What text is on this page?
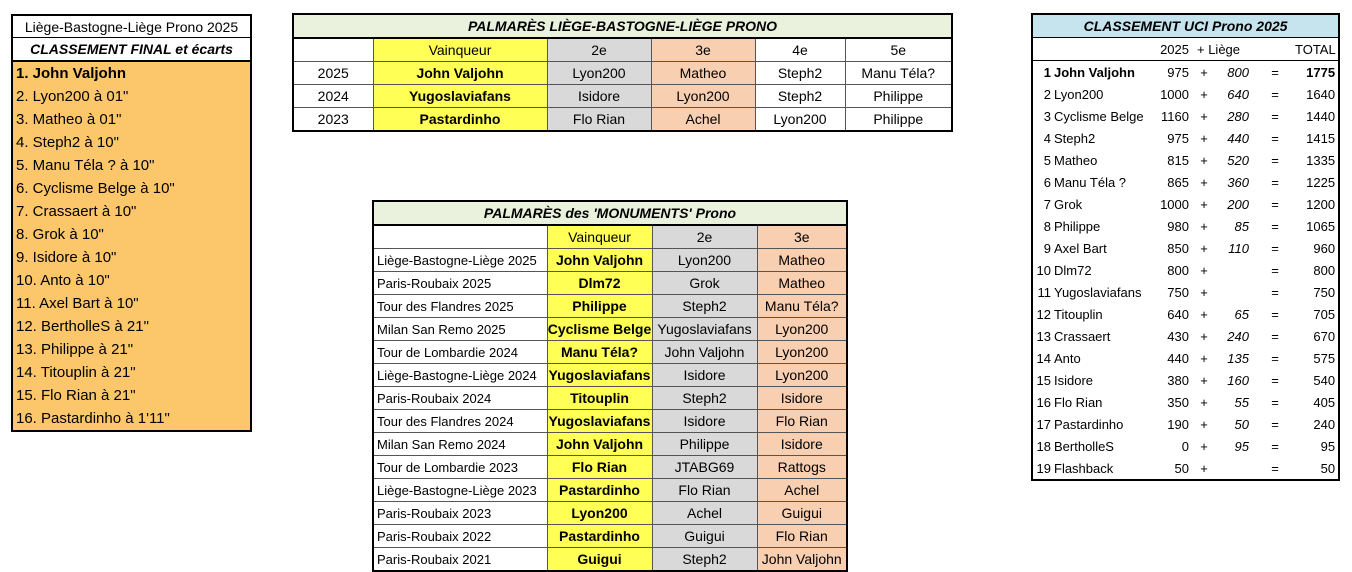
Liège-Bastogne-Liège Prono 2025
CLASSEMENT FINAL et écarts
1. John Valjohn
2. Lyon200 à 01"
3. Matheo à 01"
4. Steph2 à 10"
5. Manu Téla ? à 10"
6. Cyclisme Belge à 10"
7. Crassaert à 10"
8. Grok à 10"
9. Isidore à 10"
10. Anto à 10"
11. Axel Bart à 10"
12. BertholleS à 21"
13. Philippe à 21"
14. Titouplin à 21"
15. Flo Rian à 21"
16. Pastardinho à 1'11"
PALMARÈS LIÈGE-BASTOGNE-LIÈGE PRONO					
	Vainqueur	2e	3e	4e	5e
2025	John Valjohn	Lyon200	Matheo	Steph2	Manu Téla?
2024	Yugoslaviafans	Isidore	Lyon200	Steph2	Philippe
2023	Pastardinho	Flo Rian	Achel	Lyon200	Philippe
PALMARÈS des 'MONUMENTS' Prono			
	Vainqueur	2e	3e
Liège-Bastogne-Liège 2025	John Valjohn	Lyon200	Matheo
Paris-Roubaix 2025	Dlm72	Grok	Matheo
Tour des Flandres 2025	Philippe	Steph2	Manu Téla?
Milan San Remo 2025	Cyclisme Belge	Yugoslaviafans	Lyon200
Tour de Lombardie 2024	Manu Téla?	John Valjohn	Lyon200
Liège-Bastogne-Liège 2024	Yugoslaviafans	Isidore	Lyon200
Paris-Roubaix 2024	Titouplin	Steph2	Isidore
Tour des Flandres 2024	Yugoslaviafans	Isidore	Flo Rian
Milan San Remo 2024	John Valjohn	Philippe	Isidore
Tour de Lombardie 2023	Flo Rian	JTABG69	Rattogs
Liège-Bastogne-Liège 2023	Pastardinho	Flo Rian	Achel
Paris-Roubaix 2023	Lyon200	Achel	Guigui
Paris-Roubaix 2022	Pastardinho	Guigui	Flo Rian
Paris-Roubaix 2021	Guigui	Steph2	John Valjohn
CLASSEMENT UCI Prono 2025						
		2025	+ Liège			TOTAL
1	John Valjohn	975	+	800	=	1775
2	Lyon200	1000	+	640	=	1640
3	Cyclisme Belge	1160	+	280	=	1440
4	Steph2	975	+	440	=	1415
5	Matheo	815	+	520	=	1335
6	Manu Téla ?	865	+	360	=	1225
7	Grok	1000	+	200	=	1200
8	Philippe	980	+	85	=	1065
9	Axel Bart	850	+	110	=	960
10	Dlm72	800	+		=	800
11	Yugoslaviafans	750	+		=	750
12	Titouplin	640	+	65	=	705
13	Crassaert	430	+	240	=	670
14	Anto	440	+	135	=	575
15	Isidore	380	+	160	=	540
16	Flo Rian	350	+	55	=	405
17	Pastardinho	190	+	50	=	240
18	BertholleS	0	+	95	=	95
19	Flashback	50	+		=	50
